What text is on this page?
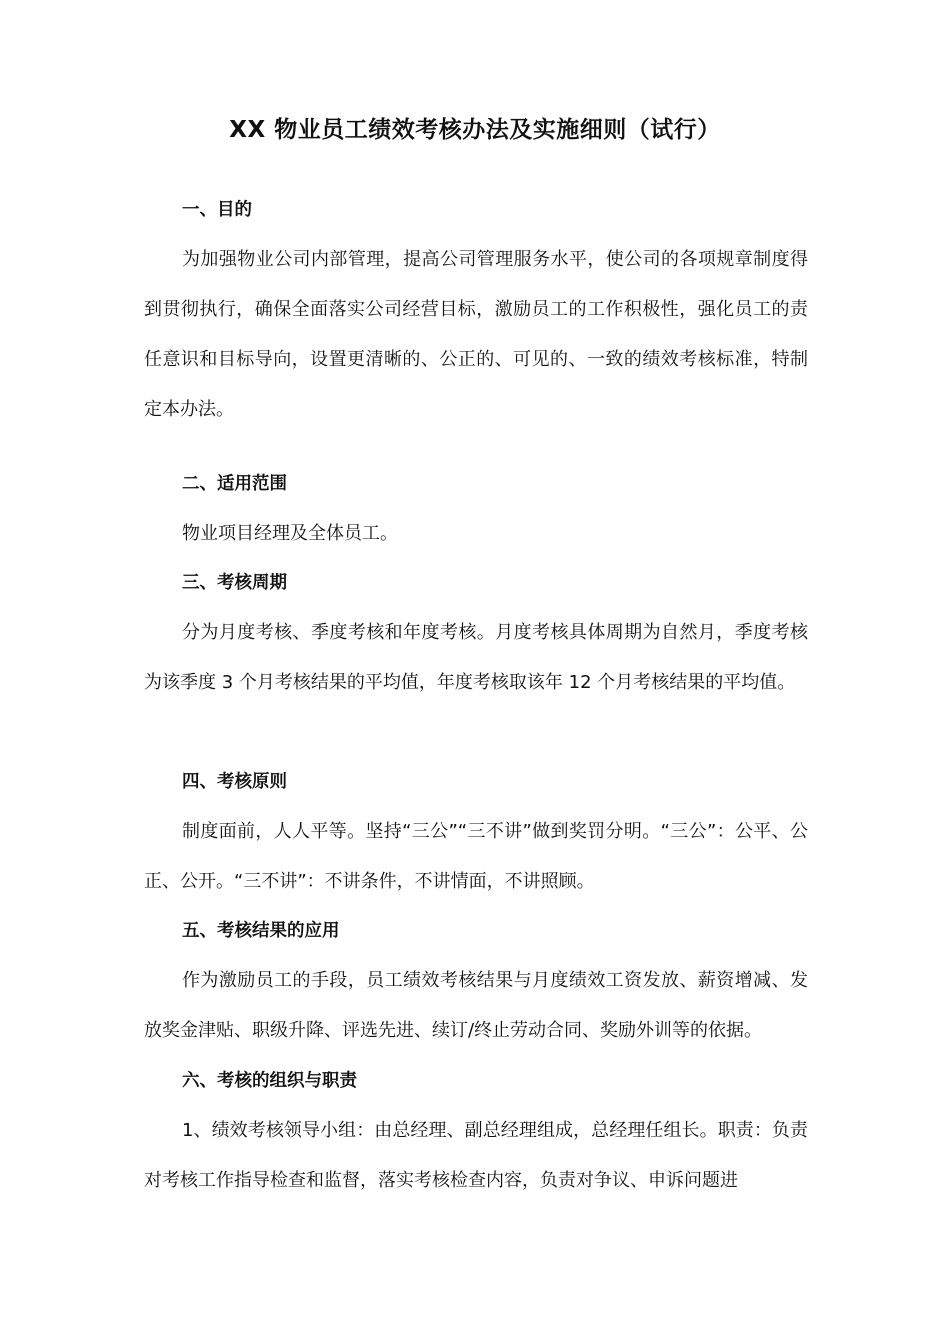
XX 物业员工绩效考核办法及实施细则（试行）
一、目的
为加强物业公司内部管理，提高公司管理服务水平，使公司的各项规章制度得到贯彻执行，确保全面落实公司经营目标，激励员工的工作积极性，强化员工的责任意识和目标导向，设置更清晰的、公正的、可见的、一致的绩效考核标准，特制定本办法。
二、适用范围
物业项目经理及全体员工。
三、考核周期
分为月度考核、季度考核和年度考核。月度考核具体周期为自然月，季度考核为该季度 3 个月考核结果的平均值，年度考核取该年 12 个月考核结果的平均值。
四、考核原则
制度面前，人人平等。坚持“三公”“三不讲”做到奖罚分明。“三公”：公平、公正、公开。“三不讲”：不讲条件，不讲情面，不讲照顾。
五、考核结果的应用
作为激励员工的手段，员工绩效考核结果与月度绩效工资发放、薪资增减、发放奖金津贴、职级升降、评选先进、续订/终止劳动合同、奖励外训等的依据。
六、考核的组织与职责
1、绩效考核领导小组：由总经理、副总经理组成，总经理任组长。职责：负责对考核工作指导检查和监督，落实考核检查内容，负责对争议、申诉问题进
